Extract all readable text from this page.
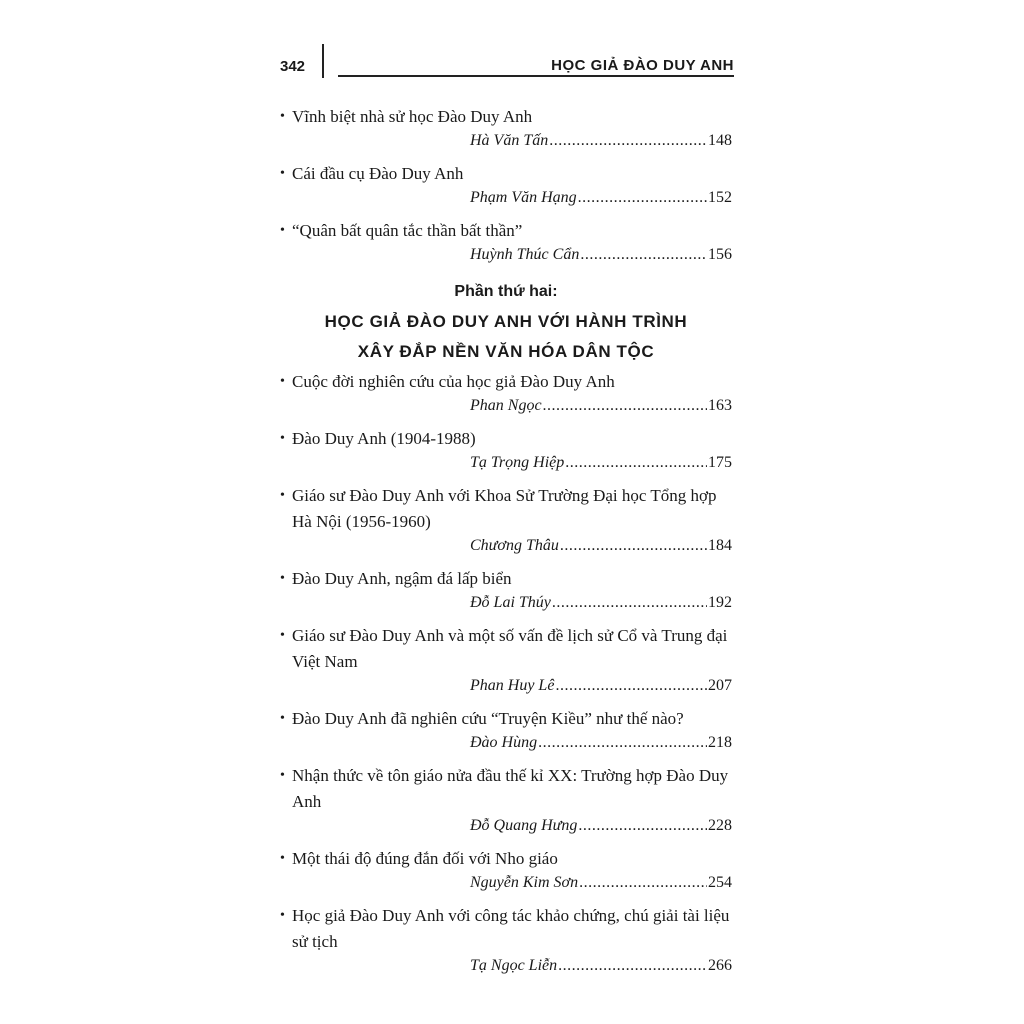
342	HỌC GIẢ ĐÀO DUY ANH
• Vĩnh biệt nhà sử học Đào Duy Anh
Hà Văn Tấn .....	148
• Cái đầu cụ Đào Duy Anh
Phạm Văn Hạng .....	152
• “Quân bất quân tắc thần bất thần”
Huỳnh Thúc Cẩn .....	156
Phần thứ hai:
HỌC GIẢ ĐÀO DUY ANH VỚI HÀNH TRÌNH
XÂY ĐẮP NỀN VĂN HÓA DÂN TỘC
• Cuộc đời nghiên cứu của học giả Đào Duy Anh
Phan Ngọc .....	163
• Đào Duy Anh (1904-1988)
Tạ Trọng Hiệp .....	175
• Giáo sư Đào Duy Anh với Khoa Sử Trường Đại học Tổng hợp Hà Nội (1956-1960)
Chương Thâu .....	184
• Đào Duy Anh, ngậm đá lấp biển
Đỗ Lai Thúy .....	192
• Giáo sư Đào Duy Anh và một số vấn đề lịch sử Cổ và Trung đại Việt Nam
Phan Huy Lê .....	207
• Đào Duy Anh đã nghiên cứu “Truyện Kiều” như thế nào?
Đào Hùng .....	218
• Nhận thức về tôn giáo nửa đầu thế kỉ XX: Trường hợp Đào Duy Anh
Đỗ Quang Hưng .....	228
• Một thái độ đúng đắn đối với Nho giáo
Nguyễn Kim Sơn .....	254
• Học giả Đào Duy Anh với công tác khảo chứng, chú giải tài liệu sử tịch
Tạ Ngọc Liễn .....	266
